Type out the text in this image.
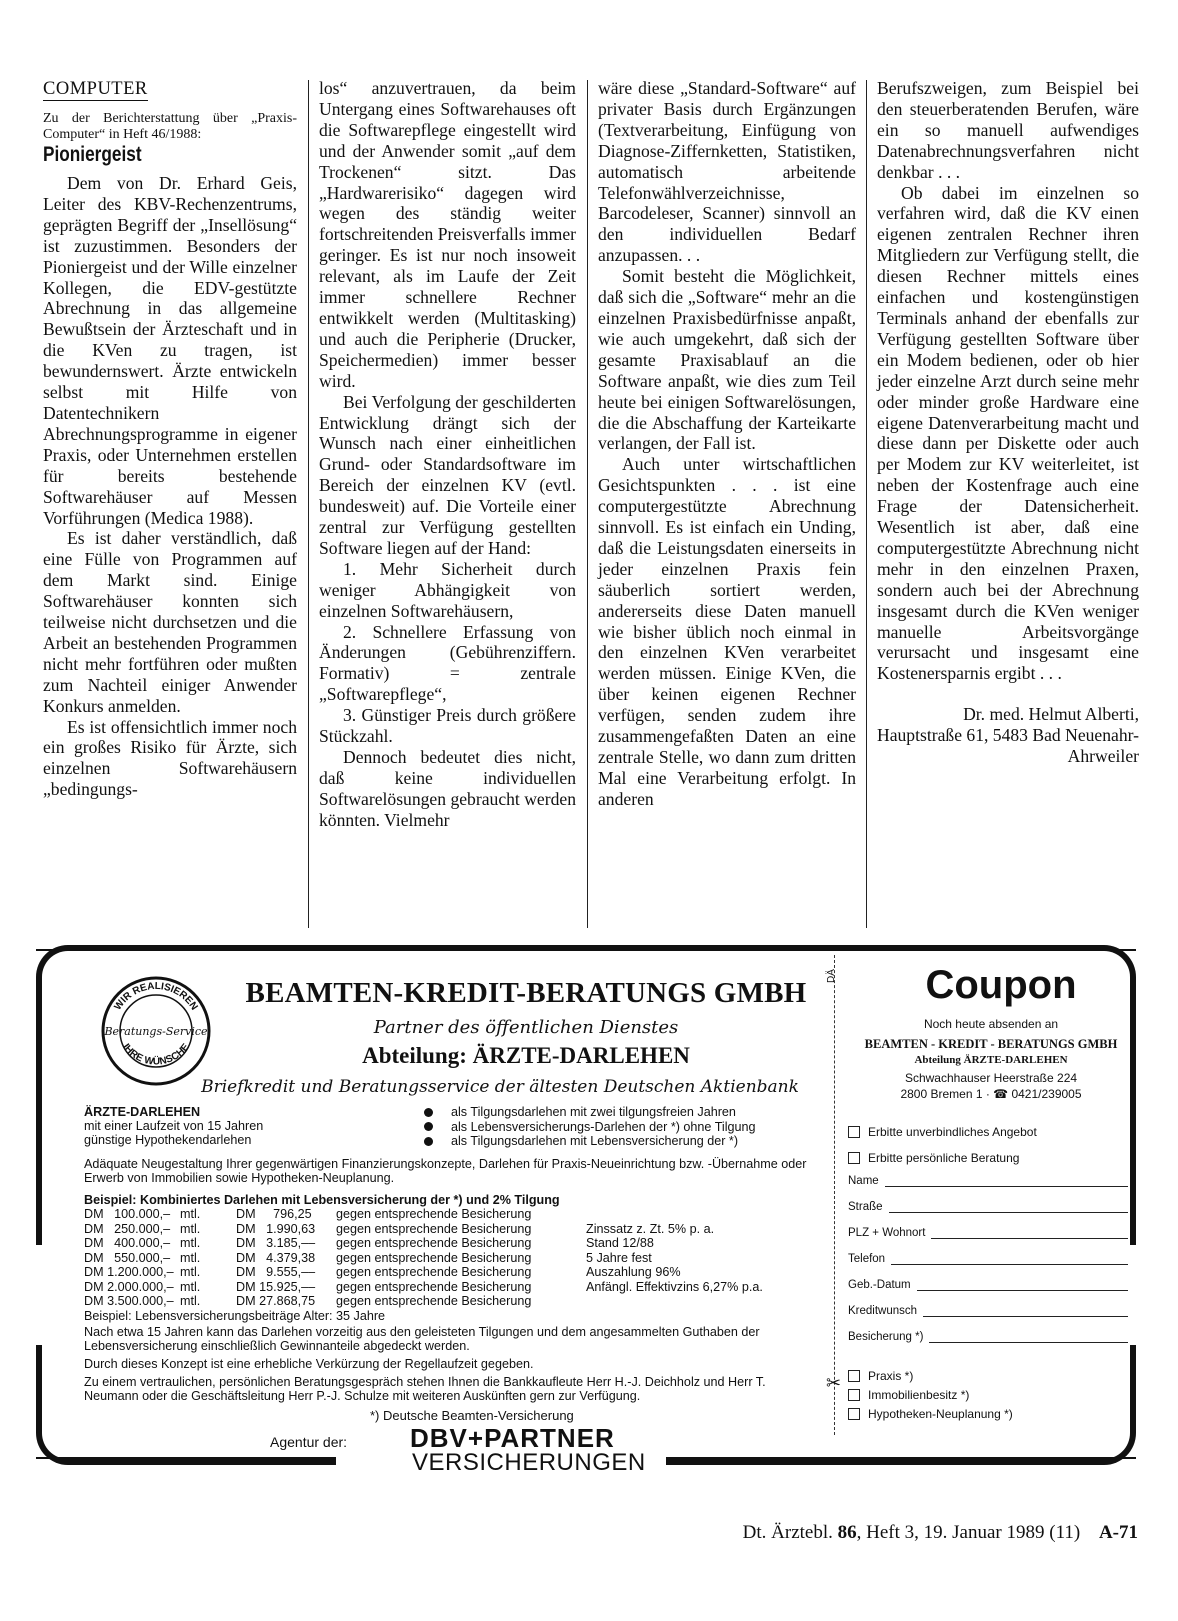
COMPUTER

Zu der Berichterstattung über „Praxis-Computer“ in Heft 46/1988:

Pioniergeist

Dem von Dr. Erhard Geis, Leiter des KBV-Rechenzentrums, geprägten Begriff der „Insellösung“ ist zuzustimmen. Besonders der Pioniergeist und der Wille einzelner Kollegen, die EDV-gestützte Abrechnung in das allgemeine Bewußtsein der Ärzteschaft und in die KVen zu tragen, ist bewundernswert. Ärzte entwickeln selbst mit Hilfe von Datentechnikern Abrechnungsprogramme in eigener Praxis, oder Unternehmen erstellen für bereits bestehende Softwarehäuser auf Messen Vorführungen (Medica 1988).

Es ist daher verständlich, daß eine Fülle von Programmen auf dem Markt sind. Einige Softwarehäuser konnten sich teilweise nicht durchsetzen und die Arbeit an bestehenden Programmen nicht mehr fortführen oder mußten zum Nachteil einiger Anwender Konkurs anmelden.

Es ist offensichtlich immer noch ein großes Risiko für Ärzte, sich einzelnen Softwarehäusern „bedingungs-

los“ anzuvertrauen, da beim Untergang eines Softwarehauses oft die Softwarepflege eingestellt wird und der Anwender somit „auf dem Trockenen“ sitzt. Das „Hardwarerisiko“ dagegen wird wegen des ständig weiter fortschreitenden Preisverfalls immer geringer. Es ist nur noch insoweit relevant, als im Laufe der Zeit immer schnellere Rechner entwikkelt werden (Multitasking) und auch die Peripherie (Drucker, Speichermedien) immer besser wird.

Bei Verfolgung der geschilderten Entwicklung drängt sich der Wunsch nach einer einheitlichen Grund- oder Standardsoftware im Bereich der einzelnen KV (evtl. bundesweit) auf. Die Vorteile einer zentral zur Verfügung gestellten Software liegen auf der Hand:

1. Mehr Sicherheit durch weniger Abhängigkeit von einzelnen Softwarehäusern,

2. Schnellere Erfassung von Änderungen (Gebührenziffern. Formativ) = zentrale „Softwarepflege“,

3. Günstiger Preis durch größere Stückzahl.

Dennoch bedeutet dies nicht, daß keine individuellen Softwarelösungen gebraucht werden könnten. Vielmehr

wäre diese „Standard-Software“ auf privater Basis durch Ergänzungen (Textverarbeitung, Einfügung von Diagnose-Ziffernketten, Statistiken, automatisch arbeitende Telefonwählverzeichnisse, Barcodeleser, Scanner) sinnvoll an den individuellen Bedarf anzupassen. . .

Somit besteht die Möglichkeit, daß sich die „Software“ mehr an die einzelnen Praxisbedürfnisse anpaßt, wie auch umgekehrt, daß sich der gesamte Praxisablauf an die Software anpaßt, wie dies zum Teil heute bei einigen Softwarelösungen, die die Abschaffung der Karteikarte verlangen, der Fall ist.

Auch unter wirtschaftlichen Gesichtspunkten . . . ist eine computergestützte Abrechnung sinnvoll. Es ist einfach ein Unding, daß die Leistungsdaten einerseits in jeder einzelnen Praxis fein säuberlich sortiert werden, andererseits diese Daten manuell wie bisher üblich noch einmal in den einzelnen KVen verarbeitet werden müssen. Einige KVen, die über keinen eigenen Rechner verfügen, senden zudem ihre zusammengefaßten Daten an eine zentrale Stelle, wo dann zum dritten Mal eine Verarbeitung erfolgt. In anderen

Berufszweigen, zum Beispiel bei den steuerberatenden Berufen, wäre ein so manuell aufwendiges Datenabrechnungsverfahren nicht denkbar . . .

Ob dabei im einzelnen so verfahren wird, daß die KV einen eigenen zentralen Rechner ihren Mitgliedern zur Verfügung stellt, die diesen Rechner mittels eines einfachen und kostengünstigen Terminals anhand der ebenfalls zur Verfügung gestellten Software über ein Modem bedienen, oder ob hier jeder einzelne Arzt durch seine mehr oder minder große Hardware eine eigene Datenverarbeitung macht und diese dann per Diskette oder auch per Modem zur KV weiterleitet, ist neben der Kostenfrage auch eine Frage der Datensicherheit. Wesentlich ist aber, daß eine computergestützte Abrechnung nicht mehr in den einzelnen Praxen, sondern auch bei der Abrechnung insgesamt durch die KVen weniger manuelle Arbeitsvorgänge verursacht und insgesamt eine Kostenersparnis ergibt . . .

Dr. med. Helmut Alberti, Hauptstraße 61, 5483 Bad Neuenahr-Ahrweiler

WIR REALISIEREN
IHRE WÜNSCHE
Beratungs-Service
BEAMTEN-KREDIT-BERATUNGS GMBH
Partner des öffentlichen Dienstes
Abteilung: ÄRZTE-DARLEHEN
Briefkredit und Beratungsservice der ältesten Deutschen Aktienbank
ÄRZTE-DARLEHEN
mit einer Laufzeit von 15 Jahren
günstige Hypothekendarlehen
als Tilgungsdarlehen mit zwei tilgungsfreien Jahren
als Lebensversicherungs-Darlehen der *) ohne Tilgung
als Tilgungsdarlehen mit Lebensversicherung der *)
Adäquate Neugestaltung Ihrer gegenwärtigen Finanzierungskonzepte, Darlehen für Praxis-Neueinrichtung bzw. -Übernahme oder Erwerb von Immobilien sowie Hypotheken-Neuplanung.
Beispiel: Kombiniertes Darlehen mit Lebensversicherung der *) und 2% Tilgung
DM   100.000,–	mtl.	DM     796,25	gegen entsprechende Besicherung	
DM   250.000,–	mtl.	DM   1.990,63	gegen entsprechende Besicherung	Zinssatz z. Zt. 5% p. a.
DM   400.000,–	mtl.	DM   3.185,––	gegen entsprechende Besicherung	Stand 12/88
DM   550.000,–	mtl.	DM   4.379,38	gegen entsprechende Besicherung	5 Jahre fest
DM 1.200.000,–	mtl.	DM   9.555,––	gegen entsprechende Besicherung	Auszahlung 96%
DM 2.000.000,–	mtl.	DM 15.925,––	gegen entsprechende Besicherung	Anfängl. Effektivzins 6,27% p.a.
DM 3.500.000,–	mtl.	DM 27.868,75	gegen entsprechende Besicherung	
Beispiel: Lebensversicherungsbeiträge Alter: 35 Jahre
Nach etwa 15 Jahren kann das Darlehen vorzeitig aus den geleisteten Tilgungen und dem angesammelten Guthaben der Lebensversicherung einschließlich Gewinnanteile abgedeckt werden.
Durch dieses Konzept ist eine erhebliche Verkürzung der Regellaufzeit gegeben.
Zu einem vertraulichen, persönlichen Beratungsgespräch stehen Ihnen die Bankkaufleute Herr H.-J. Deichholz und Herr T. Neumann oder die Geschäftsleitung Herr P.-J. Schulze mit weiteren Auskünften gern zur Verfügung.
*) Deutsche Beamten-Versicherung
Agentur der: DBV+PARTNER
VERSICHERUNGEN
DÄ	Coupon
Noch heute absenden an
BEAMTEN - KREDIT - BERATUNGS GMBH
Abteilung ÄRZTE-DARLEHEN
Schwachhauser Heerstraße 224
2800 Bremen 1 · ☎ 0421/239005
Erbitte unverbindliches Angebot
Erbitte persönliche Beratung
Name
Straße
PLZ + Wohnort
Telefon
Geb.-Datum
Kreditwunsch
Besicherung *)
✂ Praxis *)
Immobilienbesitz *)
Hypotheken-Neuplanung *)
Dt. Ärztebl. 86, Heft 3, 19. Januar 1989 (11) A-71
